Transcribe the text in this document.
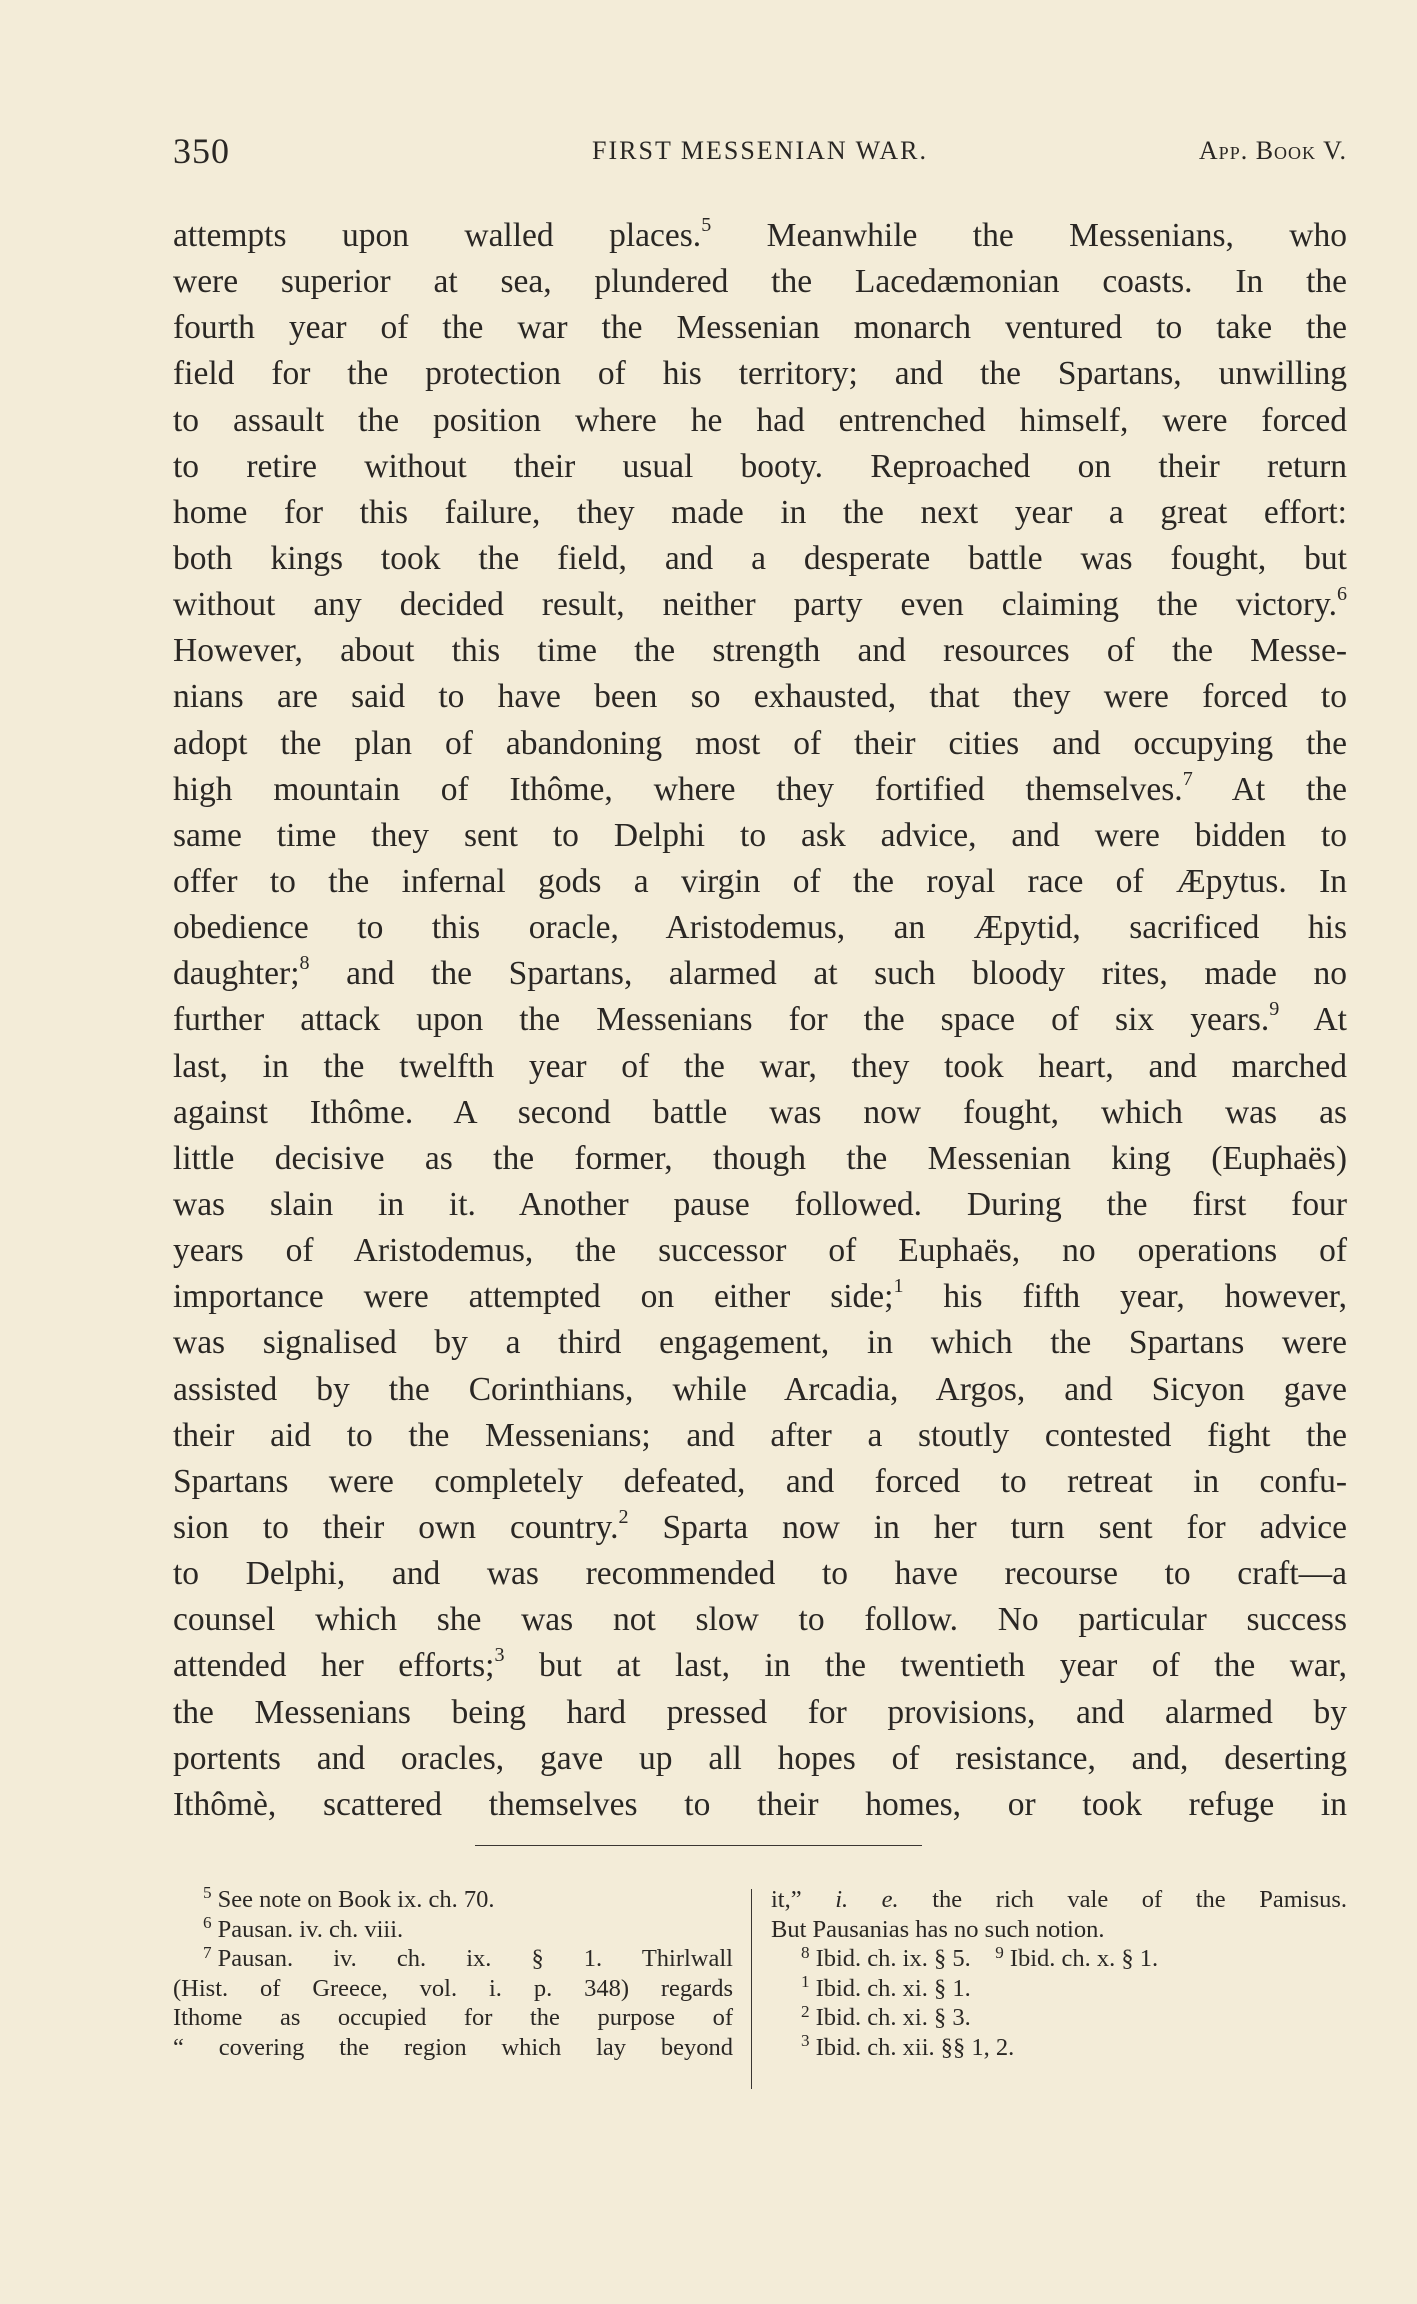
350	FIRST MESSENIAN WAR.	App. Book V.
attempts upon walled places.$^5$ Meanwhile the Messenians, who
were superior at sea, plundered the Lacedæmonian coasts. In the
fourth year of the war the Messenian monarch ventured to take the
field for the protection of his territory; and the Spartans, unwilling
to assault the position where he had entrenched himself, were forced
to retire without their usual booty. Reproached on their return
home for this failure, they made in the next year a great effort:
both kings took the field, and a desperate battle was fought, but
without any decided result, neither party even claiming the victory.$^6$
However, about this time the strength and resources of the Messe-
nians are said to have been so exhausted, that they were forced to
adopt the plan of abandoning most of their cities and occupying the
high mountain of Ithôme, where they fortified themselves.$^7$ At the
same time they sent to Delphi to ask advice, and were bidden to
offer to the infernal gods a virgin of the royal race of Æpytus. In
obedience to this oracle, Aristodemus, an Æpytid, sacrificed his
daughter;$^8$ and the Spartans, alarmed at such bloody rites, made no
further attack upon the Messenians for the space of six years.$^9$ At
last, in the twelfth year of the war, they took heart, and marched
against Ithôme. A second battle was now fought, which was as
little decisive as the former, though the Messenian king (Euphaës)
was slain in it. Another pause followed. During the first four
years of Aristodemus, the successor of Euphaës, no operations of
importance were attempted on either side;$^1$ his fifth year, however,
was signalised by a third engagement, in which the Spartans were
assisted by the Corinthians, while Arcadia, Argos, and Sicyon gave
their aid to the Messenians; and after a stoutly contested fight the
Spartans were completely defeated, and forced to retreat in confu-
sion to their own country.$^2$ Sparta now in her turn sent for advice
to Delphi, and was recommended to have recourse to craft—a
counsel which she was not slow to follow. No particular success
attended her efforts;$^3$ but at last, in the twentieth year of the war,
the Messenians being hard pressed for provisions, and alarmed by
portents and oracles, gave up all hopes of resistance, and, deserting
Ithômè, scattered themselves to their homes, or took refuge in
$^5$ See note on Book ix. ch. 70.
$^6$ Pausan. iv. ch. viii.
$^7$ Pausan. iv. ch. ix. § 1. Thirlwall
(Hist. of Greece, vol. i. p. 348) regards
Ithome as occupied for the purpose of
“ covering the region which lay beyond
it,” i. e. the rich vale of the Pamisus.
But Pausanias has no such notion.
$^8$ Ibid. ch. ix. § 5. $^9$ Ibid. ch. x. § 1.
$^1$ Ibid. ch. xi. § 1.
$^2$ Ibid. ch. xi. § 3.
$^3$ Ibid. ch. xii. §§ 1, 2.
